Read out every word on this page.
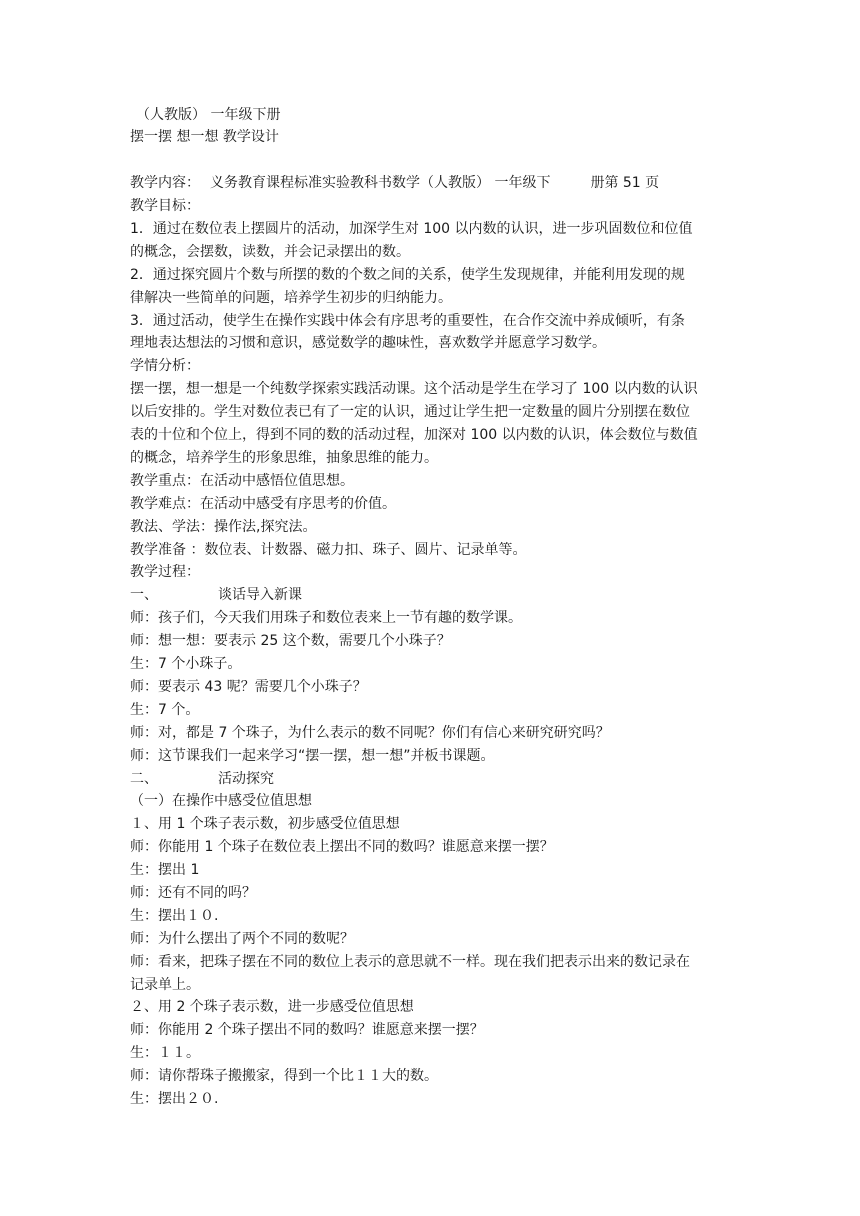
（人教版） 一年级下册
摆一摆 想一想 教学设计
教学内容： 义务教育课程标准实验教科书数学（人教版） 一年级下	册第 51 页
教学目标：
1．通过在数位表上摆圆片的活动，加深学生对 100 以内数的认识，进一步巩固数位和位值
的概念，会摆数，读数，并会记录摆出的数。
2．通过探究圆片个数与所摆的数的个数之间的关系，使学生发现规律，并能利用发现的规
律解决一些简单的问题，培养学生初步的归纳能力。
3．通过活动，使学生在操作实践中体会有序思考的重要性，在合作交流中养成倾听，有条
理地表达想法的习惯和意识，感觉数学的趣味性，喜欢数学并愿意学习数学。
学情分析：
摆一摆，想一想是一个纯数学探索实践活动课。这个活动是学生在学习了 100 以内数的认识
以后安排的。学生对数位表已有了一定的认识，通过让学生把一定数量的圆片分别摆在数位
表的十位和个位上，得到不同的数的活动过程，加深对 100 以内数的认识，体会数位与数值
的概念，培养学生的形象思维，抽象思维的能力。
教学重点：在活动中感悟位值思想。
教学难点：在活动中感受有序思考的价值。
教法、学法：操作法,探究法。
教学准备 ：数位表、计数器、磁力扣、珠子、圆片、记录单等。
教学过程：
一、	谈话导入新课
师：孩子们，今天我们用珠子和数位表来上一节有趣的数学课。
师：想一想：要表示 25 这个数，需要几个小珠子？
生：7 个小珠子。
师：要表示 43 呢？需要几个小珠子？
生：7 个。
师：对，都是 7 个珠子，为什么表示的数不同呢？你们有信心来研究研究吗？
师：这节课我们一起来学习“摆一摆，想一想”并板书课题。
二、	活动探究
（一）在操作中感受位值思想
１、用 1 个珠子表示数，初步感受位值思想
师：你能用 1 个珠子在数位表上摆出不同的数吗？谁愿意来摆一摆？
生：摆出 1
师：还有不同的吗？
生：摆出１０.
师：为什么摆出了两个不同的数呢？
师：看来，把珠子摆在不同的数位上表示的意思就不一样。现在我们把表示出来的数记录在
记录单上。
２、用 2 个珠子表示数，进一步感受位值思想
师：你能用 2 个珠子摆出不同的数吗？谁愿意来摆一摆？
生：１１。
师：请你帮珠子搬搬家，得到一个比１１大的数。
生：摆出２０.
